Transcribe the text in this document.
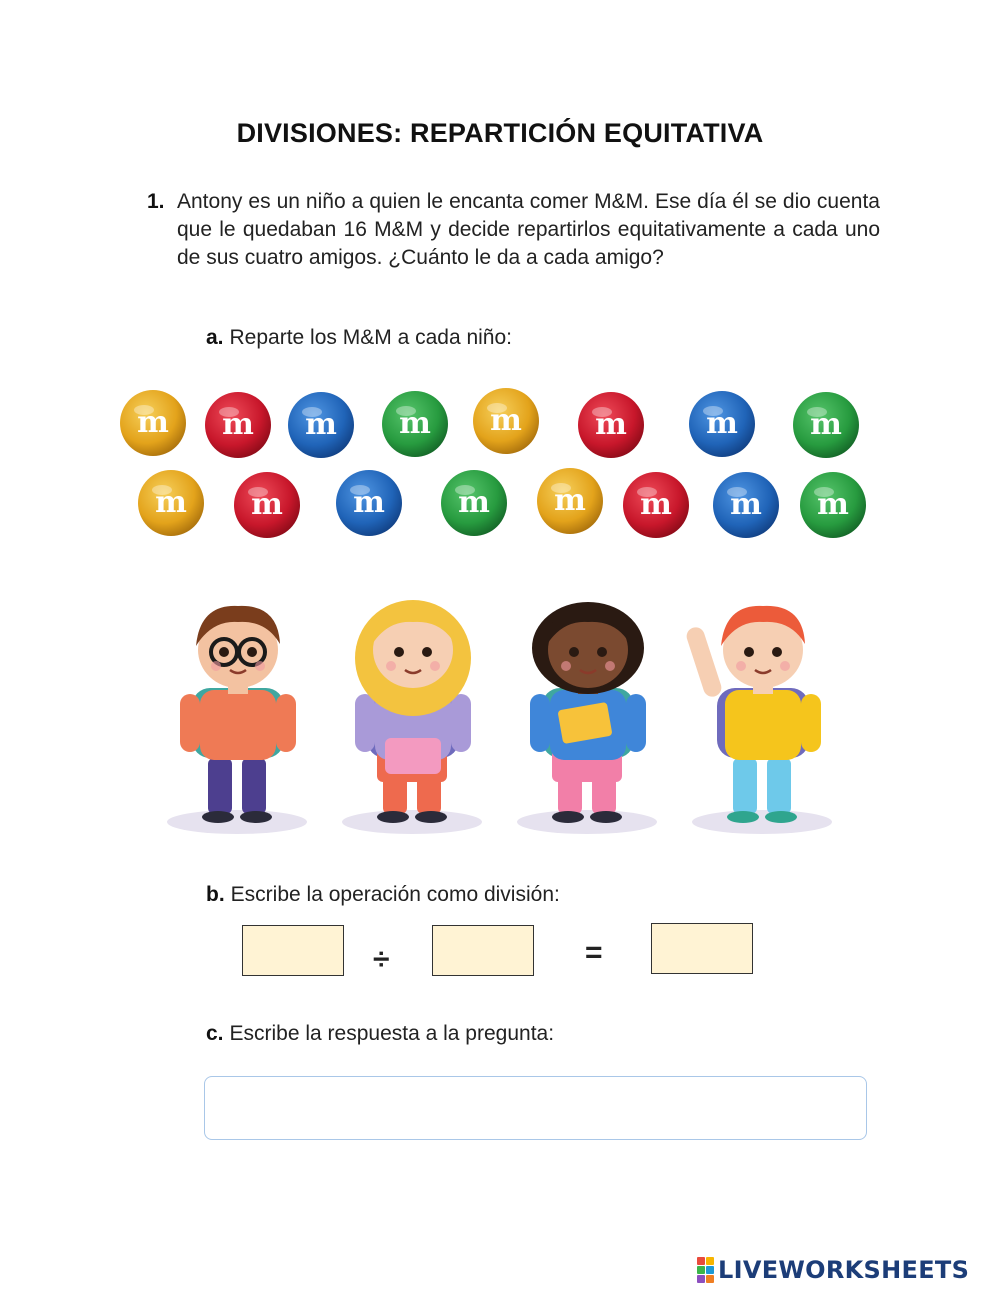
DIVISIONES: REPARTICIÓN EQUITATIVA
1. Antony es un niño a quien le encanta comer M&M. Ese día él se dio cuenta que le quedaban 16 M&M y decide repartirlos equitativamente a cada uno de sus cuatro amigos. ¿Cuánto le da a cada amigo?
a. Reparte los M&M a cada niño:
m m m m m m	m m
m m m m m m m m
b. Escribe la operación como división:
÷	=
c. Escribe la respuesta a la pregunta:
LIVEWORKSHEETS
